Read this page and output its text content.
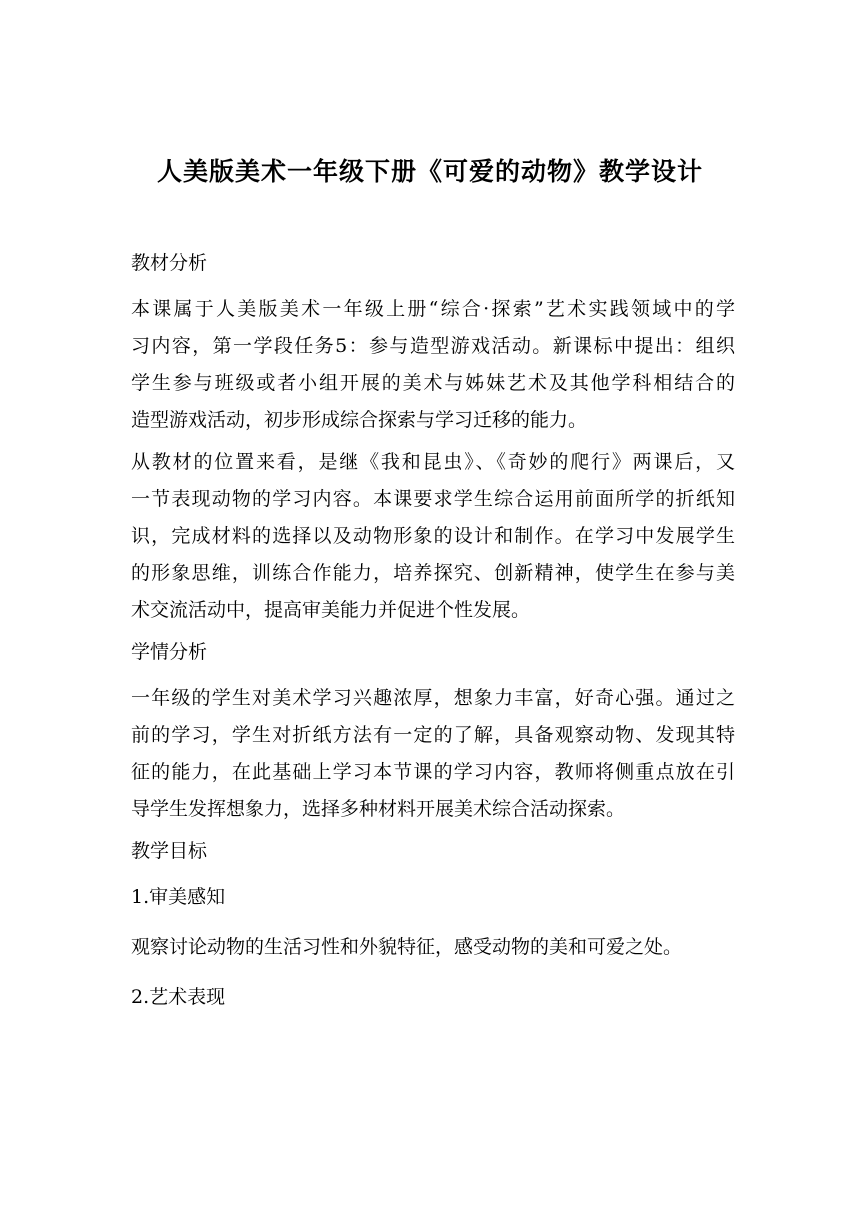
人美版美术一年级下册《可爱的动物》教学设计
教材分析
本课属于人美版美术一年级上册“综合·探索”艺术实践领域中的学
习内容，第一学段任务5：参与造型游戏活动。新课标中提出：组织
学生参与班级或者小组开展的美术与姊妹艺术及其他学科相结合的
造型游戏活动，初步形成综合探索与学习迁移的能力。
从教材的位置来看，是继《我和昆虫》、《奇妙的爬行》两课后，又
一节表现动物的学习内容。本课要求学生综合运用前面所学的折纸知
识，完成材料的选择以及动物形象的设计和制作。在学习中发展学生
的形象思维，训练合作能力，培养探究、创新精神，使学生在参与美
术交流活动中，提高审美能力并促进个性发展。
学情分析
一年级的学生对美术学习兴趣浓厚，想象力丰富，好奇心强。通过之
前的学习，学生对折纸方法有一定的了解，具备观察动物、发现其特
征的能力，在此基础上学习本节课的学习内容，教师将侧重点放在引
导学生发挥想象力，选择多种材料开展美术综合活动探索。
教学目标
1.审美感知
观察讨论动物的生活习性和外貌特征，感受动物的美和可爱之处。
2.艺术表现
